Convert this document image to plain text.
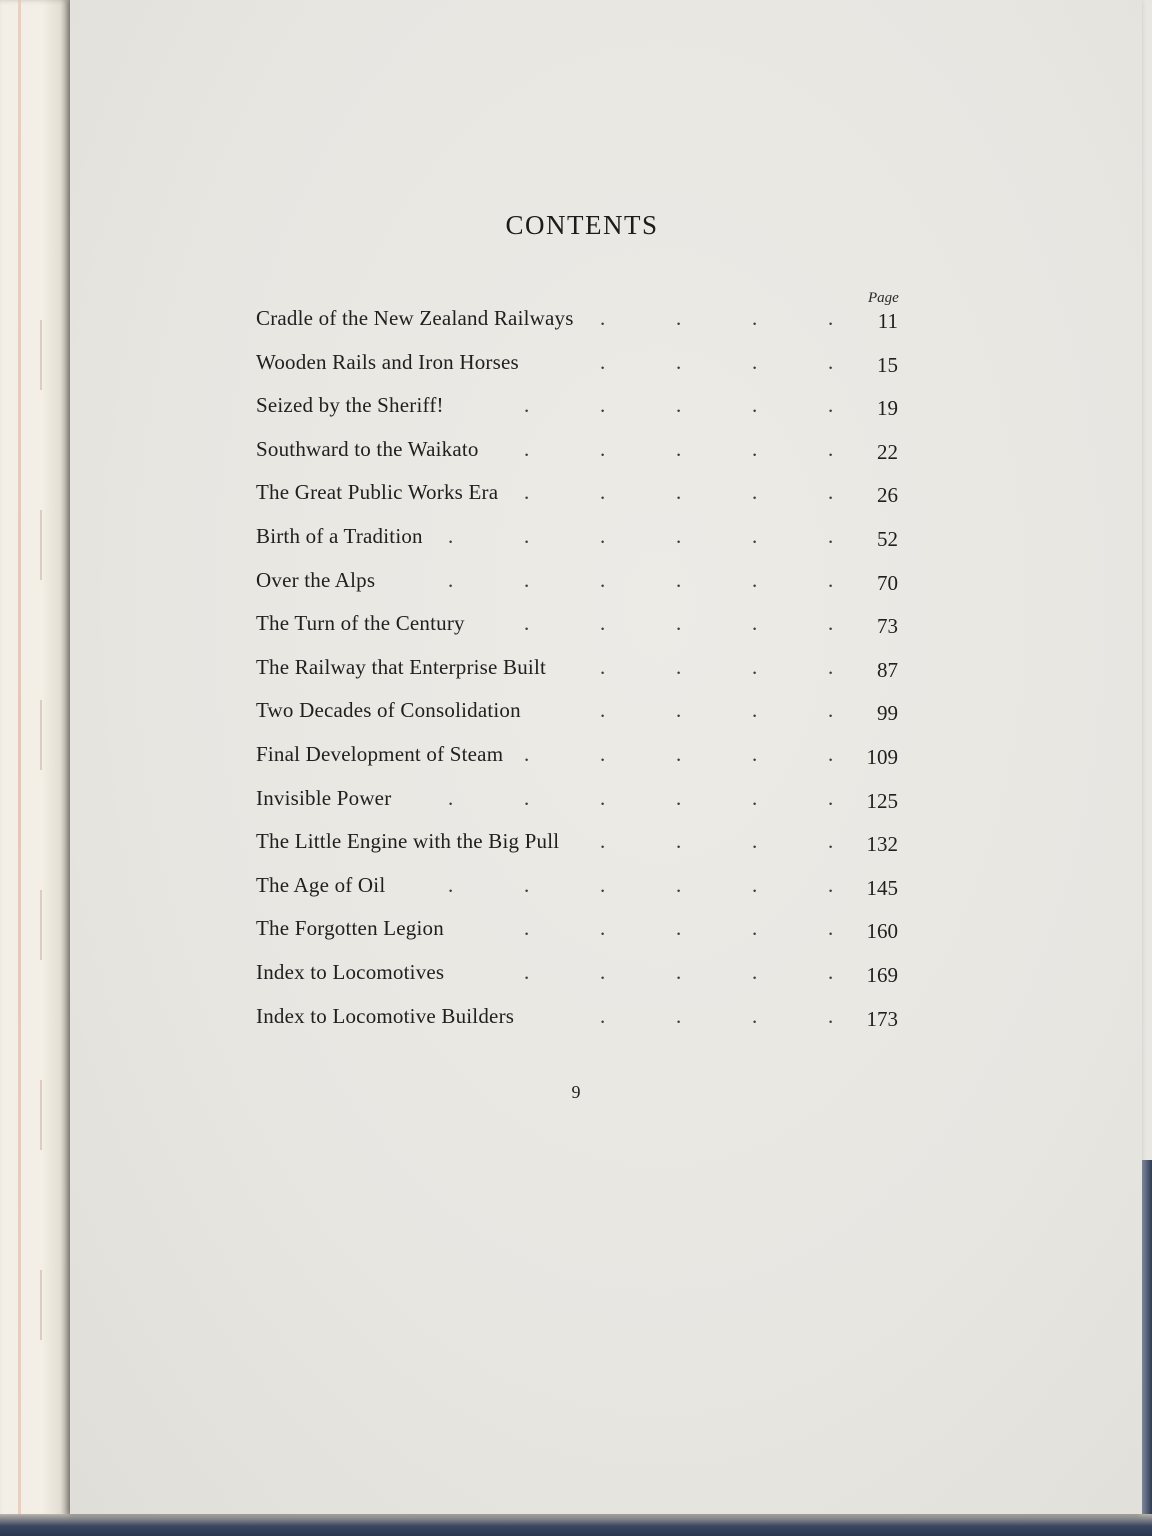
CONTENTS
Page
Cradle of the New Zealand Railways .	.	.	. 11
Wooden Rails and Iron Horses	.	.	.	. 15
Seized by the Sheriff!	.	.	.	.	. 19
Southward to the Waikato .	.	.	.	. 22
The Great Public Works Era .	.	.	.	. 26
Birth of a Tradition .	.	.	.	.	. 52
Over the Alps	.	.	.	.	.	. 70
The Turn of the Century	.	.	.	.	. 73
The Railway that Enterprise Built	.	.	.	. 87
Two Decades of Consolidation	.	.	.	. 99
Final Development of Steam .	.	.	.	. 109
Invisible Power	.	.	.	.	.	. 125
The Little Engine with the Big Pull .	.	.	. 132
The Age of Oil	.	.	.	.	.	. 145
The Forgotten Legion	.	.	.	.	. 160
Index to Locomotives	.	.	.	.	. 169
Index to Locomotive Builders	.	.	.	. 173
9
